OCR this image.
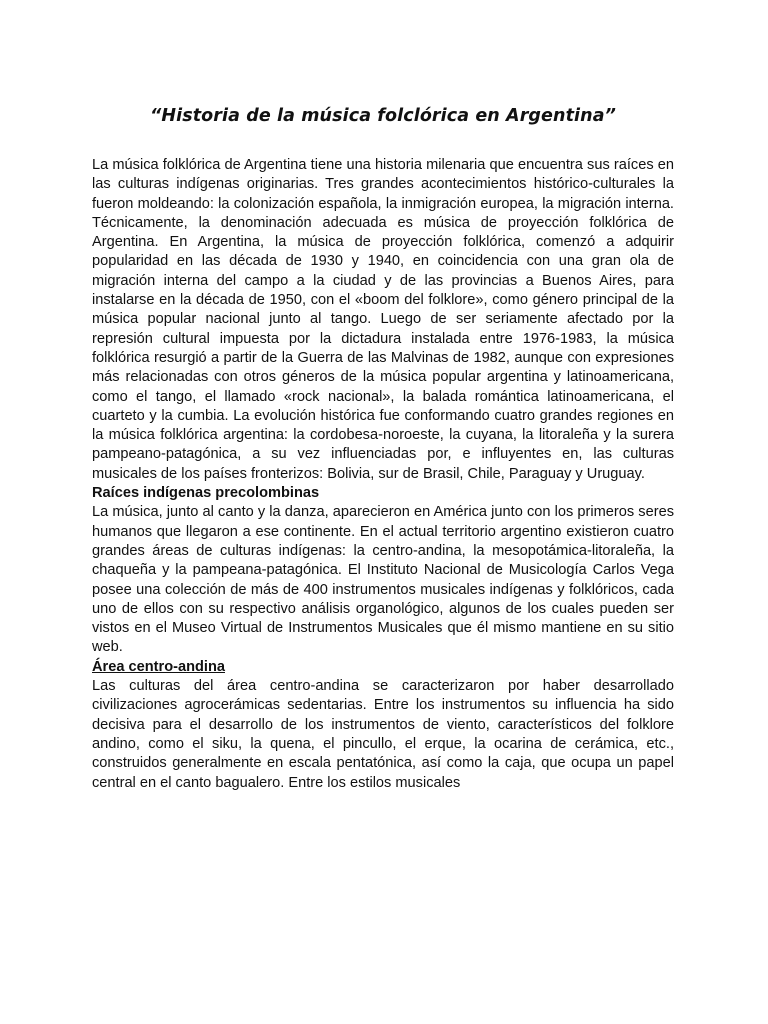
“Historia de la música folclórica en Argentina”

La música folklórica de Argentina tiene una historia milenaria que encuentra sus raíces en las culturas indígenas originarias. Tres grandes acontecimientos histórico-culturales la fueron moldeando: la colonización española, la inmigración europea, la migración interna. Técnicamente, la denominación adecuada es música de proyección folklórica de Argentina. En Argentina, la música de proyección folklórica, comenzó a adquirir popularidad en las década de 1930 y 1940, en coincidencia con una gran ola de migración interna del campo a la ciudad y de las provincias a Buenos Aires, para instalarse en la década de 1950, con el «boom del folklore», como género principal de la música popular nacional junto al tango. Luego de ser seriamente afectado por la represión cultural impuesta por la dictadura instalada entre 1976-1983, la música folklórica resurgió a partir de la Guerra de las Malvinas de 1982, aunque con expresiones más relacionadas con otros géneros de la música popular argentina y latinoamericana, como el tango, el llamado «rock nacional», la balada romántica latinoamericana, el cuarteto y la cumbia. La evolución histórica fue conformando cuatro grandes regiones en la música folklórica argentina: la cordobesa-noroeste, la cuyana, la litoraleña y la surera pampeano-patagónica, a su vez influenciadas por, e influyentes en, las culturas musicales de los países fronterizos: Bolivia, sur de Brasil, Chile, Paraguay y Uruguay.

Raíces indígenas precolombinas

La música, junto al canto y la danza, aparecieron en América junto con los primeros seres humanos que llegaron a ese continente. En el actual territorio argentino existieron cuatro grandes áreas de culturas indígenas: la centro-andina, la mesopotámica-litoraleña, la chaqueña y la pampeana-patagónica. El Instituto Nacional de Musicología Carlos Vega posee una colección de más de 400 instrumentos musicales indígenas y folklóricos, cada uno de ellos con su respectivo análisis organológico, algunos de los cuales pueden ser vistos en el Museo Virtual de Instrumentos Musicales que él mismo mantiene en su sitio web.

Área centro-andina

Las culturas del área centro-andina se caracterizaron por haber desarrollado civilizaciones agrocerámicas sedentarias. Entre los instrumentos su influencia ha sido decisiva para el desarrollo de los instrumentos de viento, característicos del folklore andino, como el siku, la quena, el pincullo, el erque, la ocarina de cerámica, etc., construidos generalmente en escala pentatónica, así como la caja, que ocupa un papel central en el canto bagualero. Entre los estilos musicales
